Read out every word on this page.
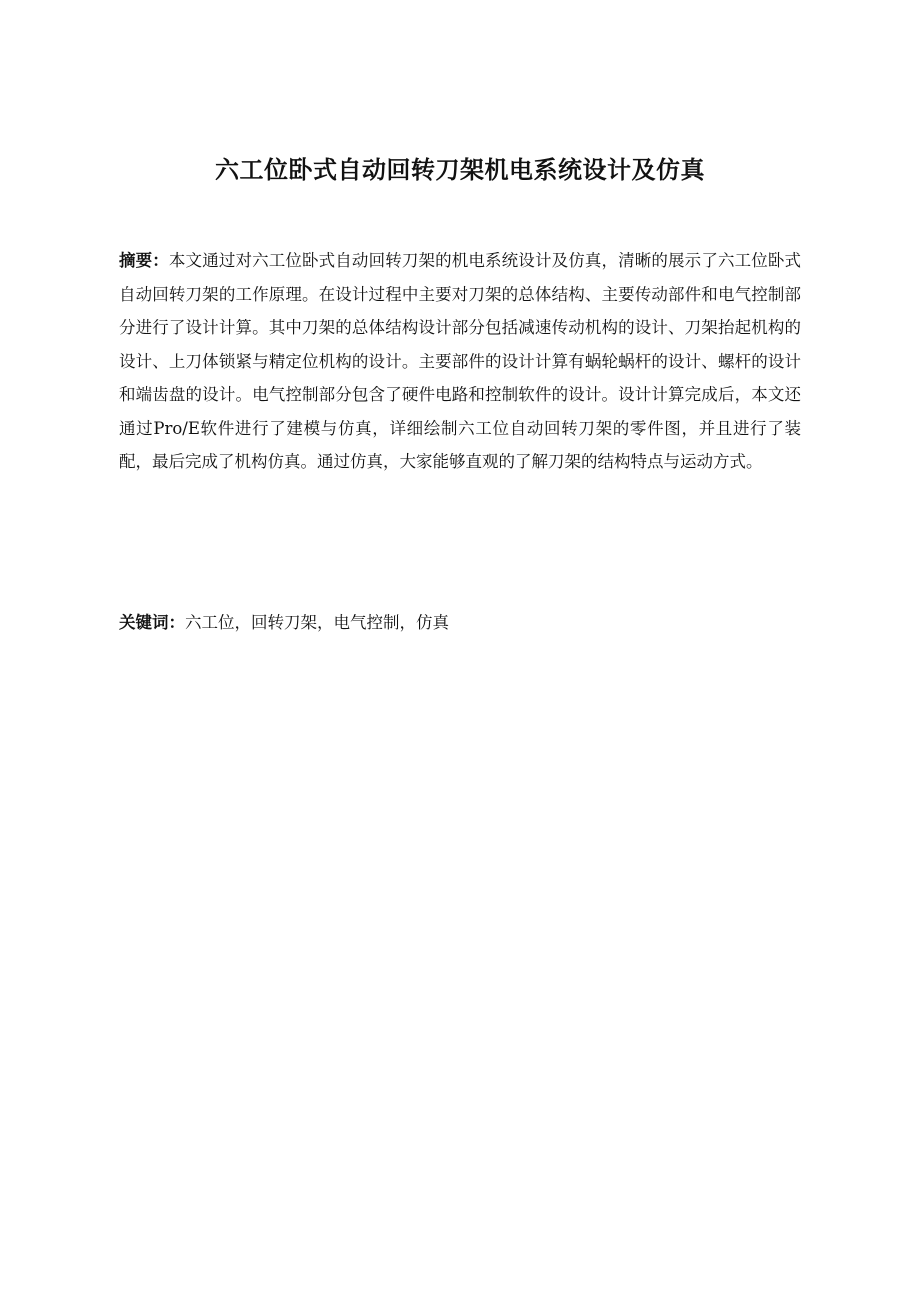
六工位卧式自动回转刀架机电系统设计及仿真

摘要：本文通过对六工位卧式自动回转刀架的机电系统设计及仿真，清晰的展示了六工位卧式自动回转刀架的工作原理。在设计过程中主要对刀架的总体结构、主要传动部件和电气控制部分进行了设计计算。其中刀架的总体结构设计部分包括减速传动机构的设计、刀架抬起机构的设计、上刀体锁紧与精定位机构的设计。主要部件的设计计算有蜗轮蜗杆的设计、螺杆的设计和端齿盘的设计。电气控制部分包含了硬件电路和控制软件的设计。设计计算完成后，本文还通过Pro/E软件进行了建模与仿真，详细绘制六工位自动回转刀架的零件图，并且进行了装配，最后完成了机构仿真。通过仿真，大家能够直观的了解刀架的结构特点与运动方式。

关键词：六工位，回转刀架，电气控制，仿真
